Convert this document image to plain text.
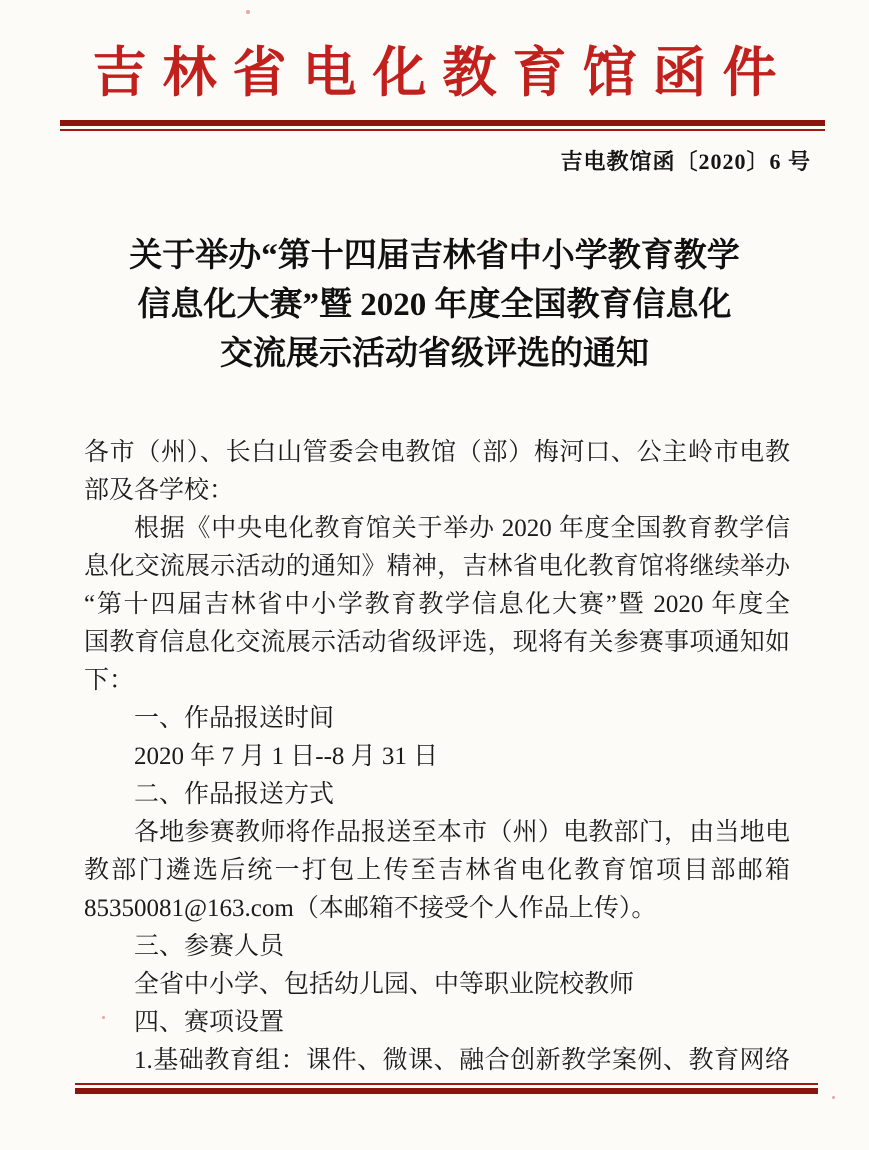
吉林省电化教育馆函件
吉电教馆函〔2020〕6 号
关于举办“第十四届吉林省中小学教育教学
信息化大赛”暨 2020 年度全国教育信息化
交流展示活动省级评选的通知
各市（州）、长白山管委会电教馆（部）梅河口、公主岭市电教
部及各学校：
根据《中央电化教育馆关于举办 2020 年度全国教育教学信
息化交流展示活动的通知》精神，吉林省电化教育馆将继续举办
“第十四届吉林省中小学教育教学信息化大赛”暨 2020 年度全
国教育信息化交流展示活动省级评选，现将有关参赛事项通知如
下：
一、作品报送时间
2020 年 7 月 1 日--8 月 31 日
二、作品报送方式
各地参赛教师将作品报送至本市（州）电教部门，由当地电
教部门遴选后统一打包上传至吉林省电化教育馆项目部邮箱
85350081@163.com（本邮箱不接受个人作品上传）。
三、参赛人员
全省中小学、包括幼儿园、中等职业院校教师
四、赛项设置
1.基础教育组：课件、微课、融合创新教学案例、教育网络
